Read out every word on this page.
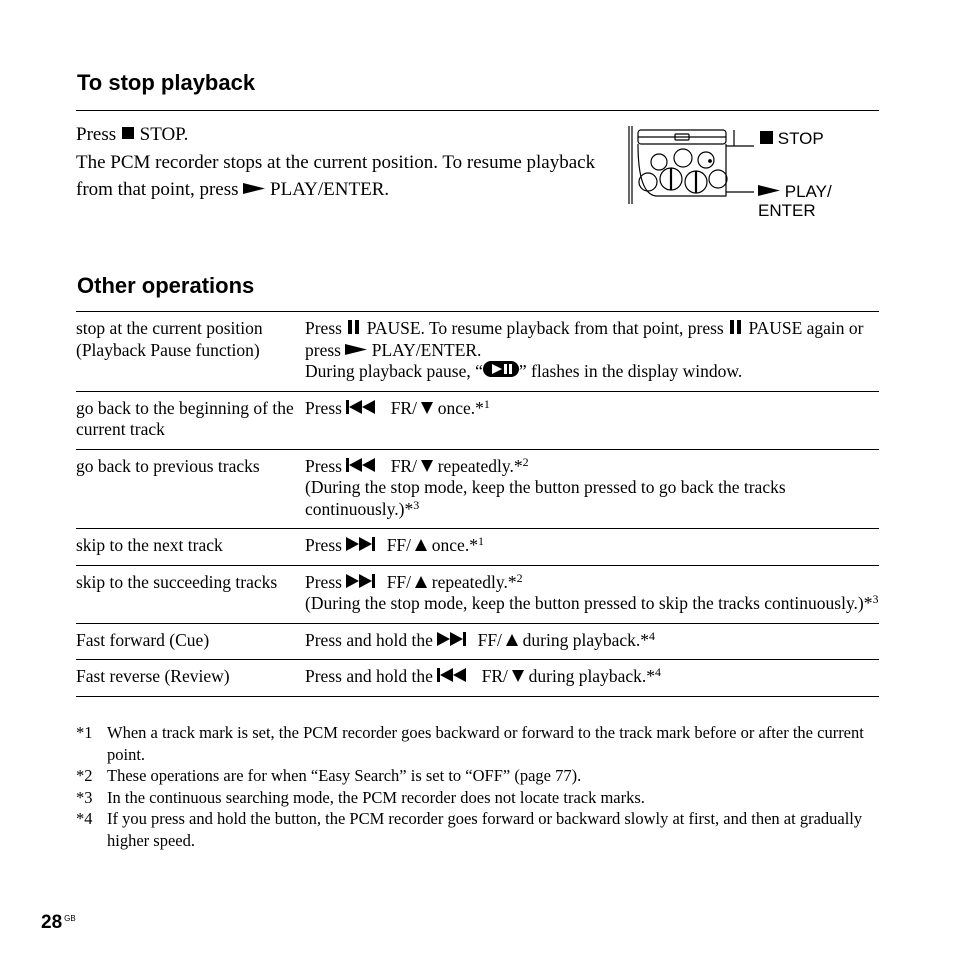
To stop playback

Press STOP.

The PCM recorder stops at the current position. To resume playback from that point, press PLAY/ENTER.

STOP
PLAY/
ENTER
Other operations
stop at the current position (Playback Pause function)	Press PAUSE. To resume playback from that point, press PAUSE again or press PLAY/ENTER.
During playback pause, “ ” flashes in the display window.
go back to the beginning of the current track	Press FR/ once.*$^1$
go back to previous tracks	Press FR/ repeatedly.*$^2$
(During the stop mode, keep the button pressed to go back the tracks continuously.)*$^3$
skip to the next track	Press FF/ once.*$^1$
skip to the succeeding tracks	Press FF/ repeatedly.*$^2$
(During the stop mode, keep the button pressed to skip the tracks continuously.)*$^3$
Fast forward (Cue)	Press and hold the FF/ during playback.*$^4$
Fast reverse (Review)	Press and hold the FR/ during playback.*$^4$
*1 When a track mark is set, the PCM recorder goes backward or forward to the track mark before or after the current point.
*2 These operations are for when “Easy Search” is set to “OFF” (page 77).
*3 In the continuous searching mode, the PCM recorder does not locate track marks.
*4 If you press and hold the button, the PCM recorder goes forward or backward slowly at first, and then at gradually higher speed.
28 $^{GB}$
